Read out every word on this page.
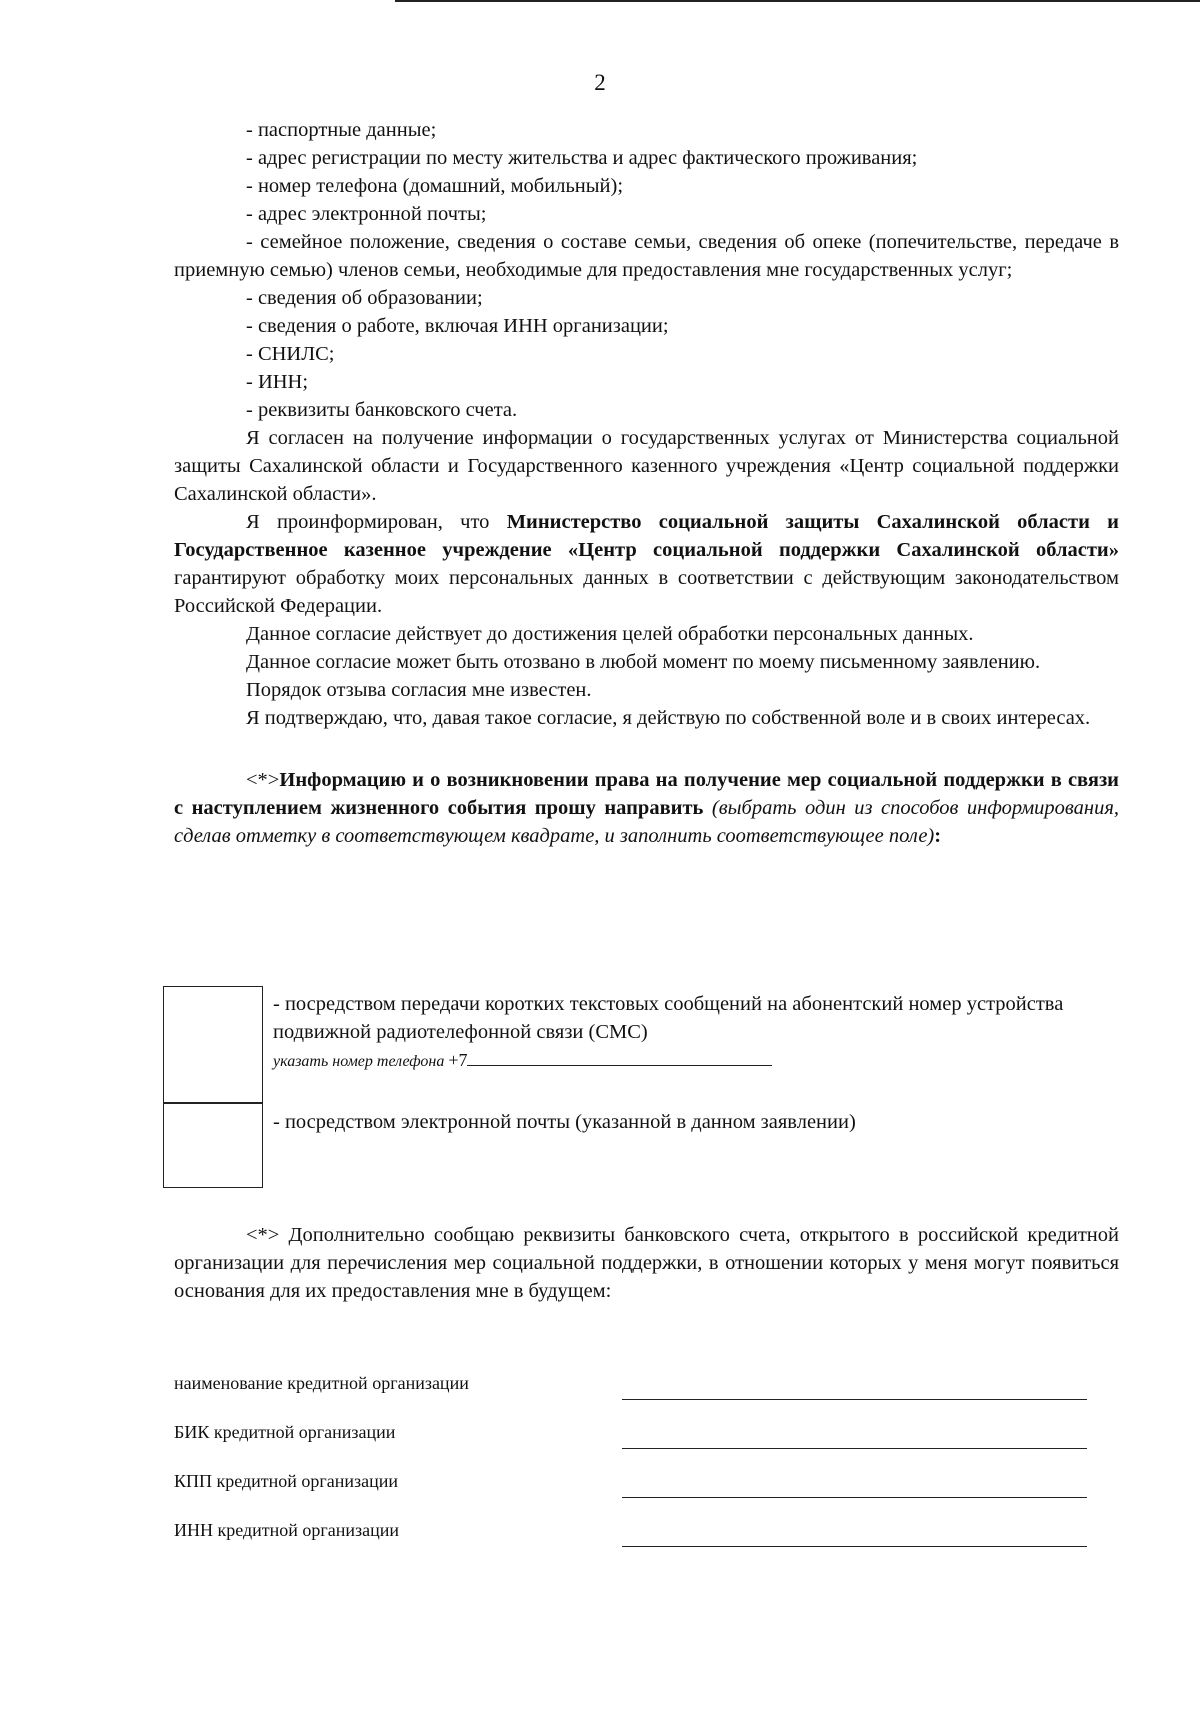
2

- паспортные данные;

- адрес регистрации по месту жительства и адрес фактического проживания;

- номер телефона (домашний, мобильный);

- адрес электронной почты;

- семейное положение, сведения о составе семьи, сведения об опеке (попечительстве, передаче в приемную семью) членов семьи, необходимые для предоставления мне государственных услуг;

- сведения об образовании;

- сведения о работе, включая ИНН организации;

- СНИЛС;

- ИНН;

- реквизиты банковского счета.

Я согласен на получение информации о государственных услугах от Министерства социальной защиты Сахалинской области и Государственного казенного учреждения «Центр социальной поддержки Сахалинской области».

Я проинформирован, что Министерство социальной защиты Сахалинской области и Государственное казенное учреждение «Центр социальной поддержки Сахалинской области» гарантируют обработку моих персональных данных в соответствии с действующим законодательством Российской Федерации.

Данное согласие действует до достижения целей обработки персональных данных.

Данное согласие может быть отозвано в любой момент по моему письменному заявлению.

Порядок отзыва согласия мне известен.

Я подтверждаю, что, давая такое согласие, я действую по собственной воле и в своих интересах.

<*>Информацию и о возникновении права на получение мер социальной поддержки в связи с наступлением жизненного события прошу направить (выбрать один из способов информирования, сделав отметку в соответствующем квадрате, и заполнить соответствующее поле):

- посредством передачи коротких текстовых сообщений на абонентский номер устройства подвижной радиотелефонной связи (СМС)
указать номер телефона +7
- посредством электронной почты (указанной в данном заявлении)

<*> Дополнительно сообщаю реквизиты банковского счета, открытого в российской кредитной организации для перечисления мер социальной поддержки, в отношении которых у меня могут появиться основания для их предоставления мне в будущем:

наименование кредитной организации
БИК кредитной организации
КПП кредитной организации
ИНН кредитной организации
